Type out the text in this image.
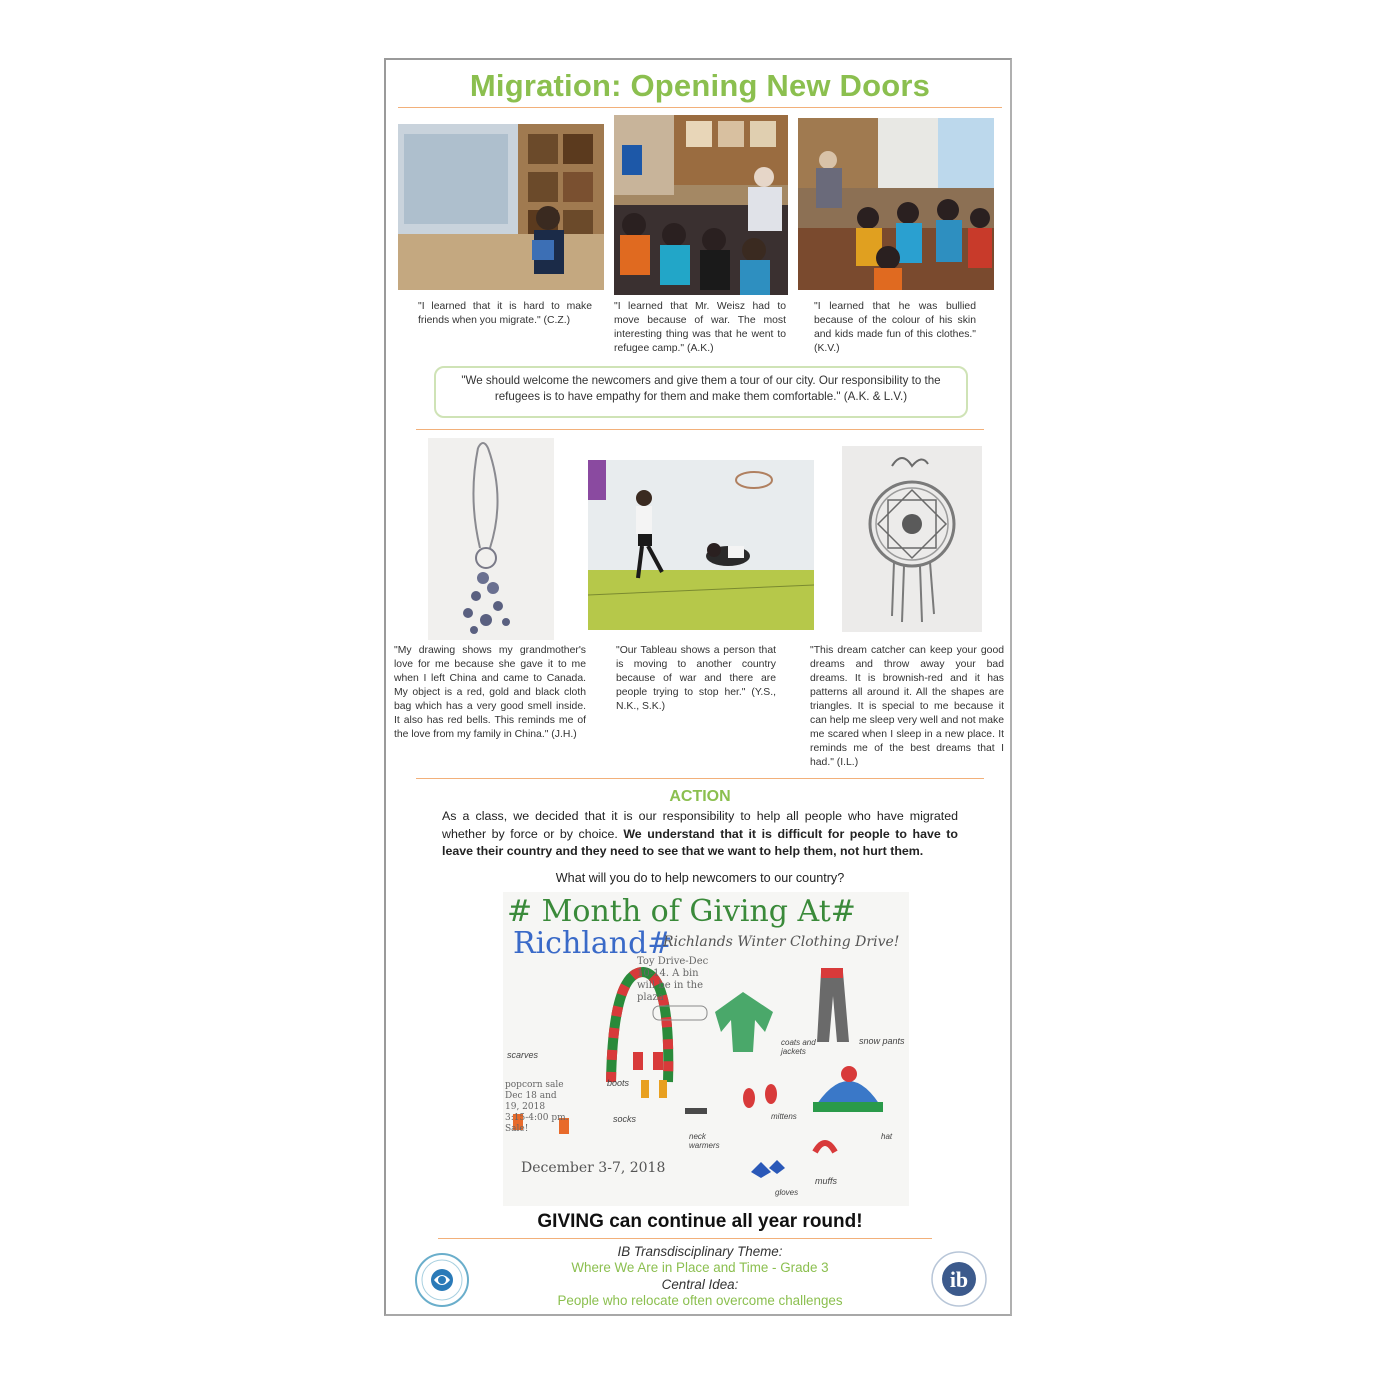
Migration: Opening New Doors
"I learned that it is hard to make friends when you migrate." (C.Z.)
"I learned that Mr. Weisz had to move because of war. The most interesting thing was that he went to refugee camp." (A.K.)
"I learned that he was bullied because of the colour of his skin and kids made fun of this clothes." (K.V.)
"We should welcome the newcomers and give them a tour of our city. Our responsibility to the refugees is to have empathy for them and make them comfortable." (A.K. & L.V.)
"My drawing shows my grandmother's love for me because she gave it to me when I left China and came to Canada. My object is a red, gold and black cloth bag which has a very good smell inside. It also has red bells. This reminds me of the love from my family in China." (J.H.)
"Our Tableau shows a person that is moving to another country because of war and there are people trying to stop her." (Y.S., N.K., S.K.)
"This dream catcher can keep your good dreams and throw away your bad dreams. It is brownish-red and it has patterns all around it. All the shapes are triangles. It is special to me because it can help me sleep very well and not make me scared when I sleep in a new place. It reminds me of the best dreams that I had." (I.L.)
ACTION
As a class, we decided that it is our responsibility to help all people who have migrated whether by force or by choice. We understand that it is difficult for people to have to leave their country and they need to see that we want to help them, not hurt them.
What will you do to help newcomers to our country?
# Month of Giving At#
Richland#
Richlands Winter Clothing Drive!
Toy Drive-Dec 10-14. A bin will be in the plaza
scarves
boots
socks
coats and jackets
snow pants
mittens
neck warmers
hat
gloves
muffs
popcorn sale Dec 18 and 19, 2018 3:15-4:00 pm. Sale!
December 3-7, 2018
GIVING can continue all year round!
IB Transdisciplinary Theme:
Where We Are in Place and Time - Grade 3
Central Idea:
People who relocate often overcome challenges
ib
